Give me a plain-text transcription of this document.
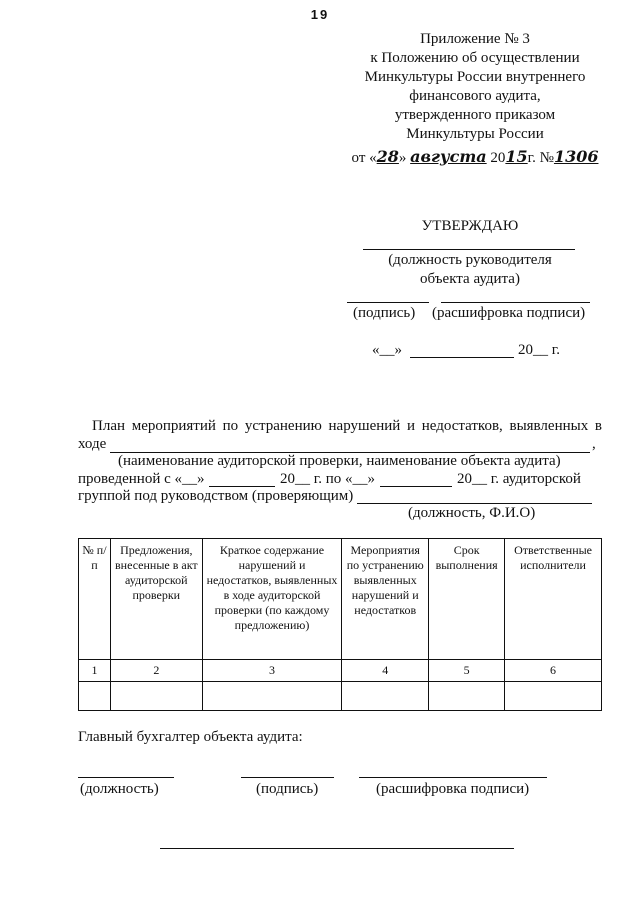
19
Приложение № 3
к Положению об осуществлении
Минкультуры России внутреннего
финансового аудита,
утвержденного приказом
Минкультуры России
от «28» августа 2015г. №1306
УТВЕРЖДАЮ
(должность руководителя
объекта аудита)
(подпись) (расшифровка подписи)
«__»	20__ г.
План мероприятий по устранению нарушений и недостатков, выявленных в
ходе	,
(наименование аудиторской проверки, наименование объекта аудита)
проведенной с «__»	20__ г. по «__»	20__ г. аудиторской
группой под руководством (проверяющим)
(должность, Ф.И.О)
№ п/п	Предложения, внесенные в акт аудиторской проверки	Краткое содержание нарушений и недостатков, выявленных в ходе аудиторской проверки (по каждому предложению)	Мероприятия по устранению выявленных нарушений и недостатков	Срок выполнения	Ответственные исполнители
1	2	3	4	5	6

Главный бухгалтер объекта аудита:
(должность)	(подпись)	(расшифровка подписи)
